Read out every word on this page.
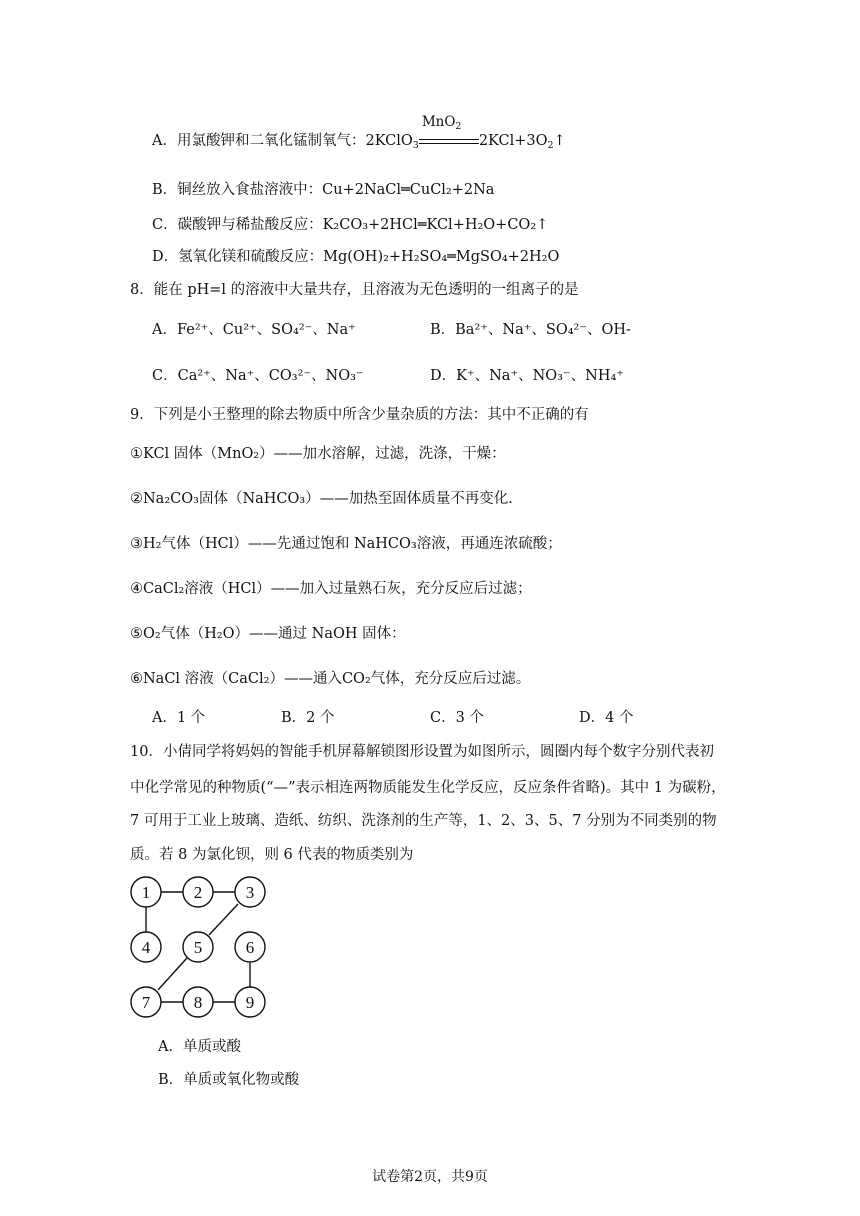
A．用氯酸钾和二氧化锰制氧气：2KClO$_3$
MnO$_2$
$2KCl+3O_2↑$
B．铜丝放入食盐溶液中：Cu+2NaCl═CuCl₂+2Na
C．碳酸钾与稀盐酸反应：K₂CO₃+2HCl═KCl+H₂O+CO₂↑
D．氢氧化镁和硫酸反应：Mg(OH)₂+H₂SO₄═MgSO₄+2H₂O
8．能在 pH=l 的溶液中大量共存，且溶液为无色透明的一组离子的是
A．Fe²⁺、Cu²⁺、SO₄²⁻、Na⁺	B．Ba²⁺、Na⁺、SO₄²⁻、OH-
C．Ca²⁺、Na⁺、CO₃²⁻、NO₃⁻	D．K⁺、Na⁺、NO₃⁻、NH₄⁺
9．下列是小王整理的除去物质中所含少量杂质的方法：其中不正确的有
①KCl 固体（MnO₂）——加水溶解，过滤，洗涤，干燥：
②Na₂CO₃固体（NaHCO₃）——加热至固体质量不再变化.
③H₂气体（HCl）——先通过饱和 NaHCO₃溶液，再通连浓硫酸；
④CaCl₂溶液（HCl）——加入过量熟石灰，充分反应后过滤；
⑤O₂气体（H₂O）——通过 NaOH 固体：
⑥NaCl 溶液（CaCl₂）——通入CO₂气体，充分反应后过滤。
A．1 个	B．2 个	C．3 个	D．4 个
10．小倩同学将妈妈的智能手机屏幕解锁图形设置为如图所示，圆圈内每个数字分别代表初
中化学常见的种物质(“—”表示相连两物质能发生化学反应，反应条件省略)。其中 1 为碳粉，
7 可用于工业上玻璃、造纸、纺织、洗涤剂的生产等，1、2、3、5、7 分别为不同类别的物
质。若 8 为氯化钡，则 6 代表的物质类别为
1	2	3
4	5	6
7	8	9
A．单质或酸
B．单质或氧化物或酸
试卷第2页，共9页
